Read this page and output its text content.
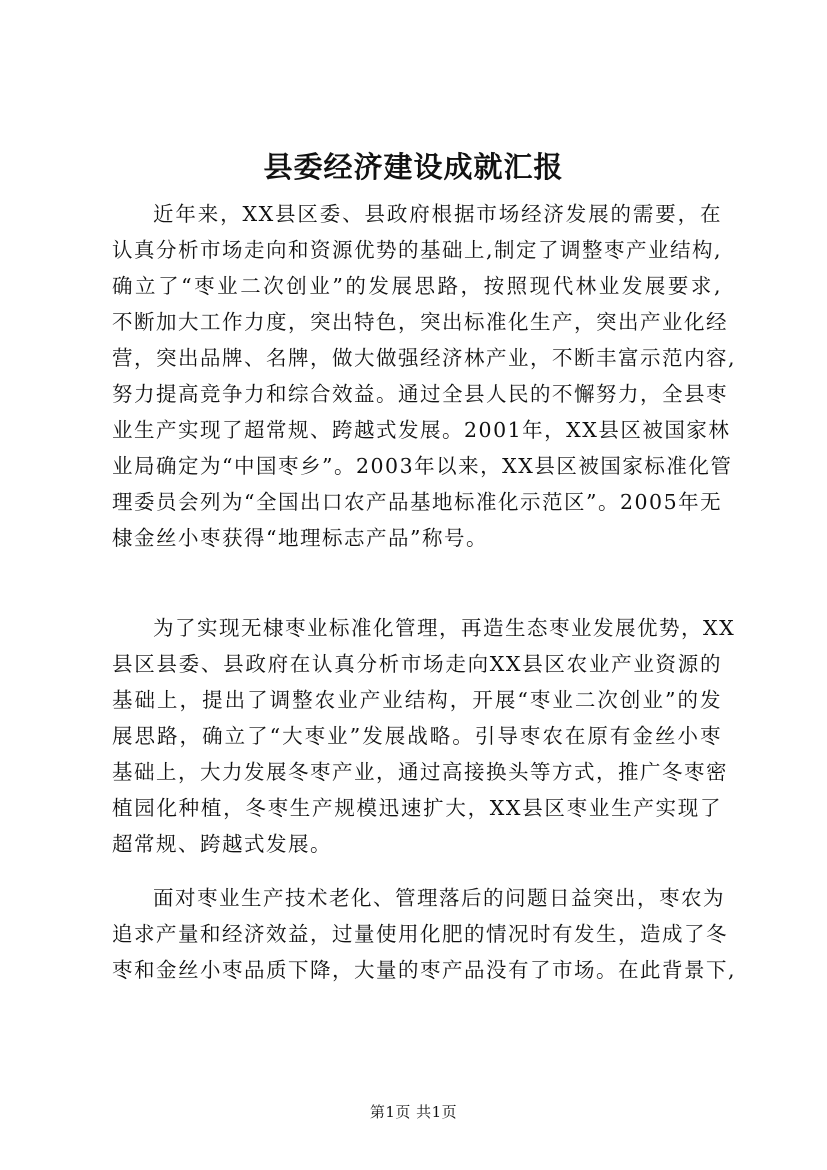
县委经济建设成就汇报
近年来，XX县区委、县政府根据市场经济发展的需要，在
认真分析市场走向和资源优势的基础上,制定了调整枣产业结构,
确立了“枣业二次创业”的发展思路，按照现代林业发展要求,
不断加大工作力度，突出特色，突出标准化生产，突出产业化经
营，突出品牌、名牌，做大做强经济林产业，不断丰富示范内容,
努力提高竞争力和综合效益。通过全县人民的不懈努力，全县枣
业生产实现了超常规、跨越式发展。2001年，XX县区被国家林
业局确定为“中国枣乡”。2003年以来，XX县区被国家标准化管
理委员会列为“全国出口农产品基地标准化示范区”。2005年无
棣金丝小枣获得“地理标志产品”称号。
为了实现无棣枣业标准化管理，再造生态枣业发展优势，XX
县区县委、县政府在认真分析市场走向XX县区农业产业资源的
基础上，提出了调整农业产业结构，开展“枣业二次创业”的发
展思路，确立了“大枣业”发展战略。引导枣农在原有金丝小枣
基础上，大力发展冬枣产业，通过高接换头等方式，推广冬枣密
植园化种植，冬枣生产规模迅速扩大，XX县区枣业生产实现了
超常规、跨越式发展。
面对枣业生产技术老化、管理落后的问题日益突出，枣农为
追求产量和经济效益，过量使用化肥的情况时有发生，造成了冬
枣和金丝小枣品质下降，大量的枣产品没有了市场。在此背景下,
第1页 共1页
